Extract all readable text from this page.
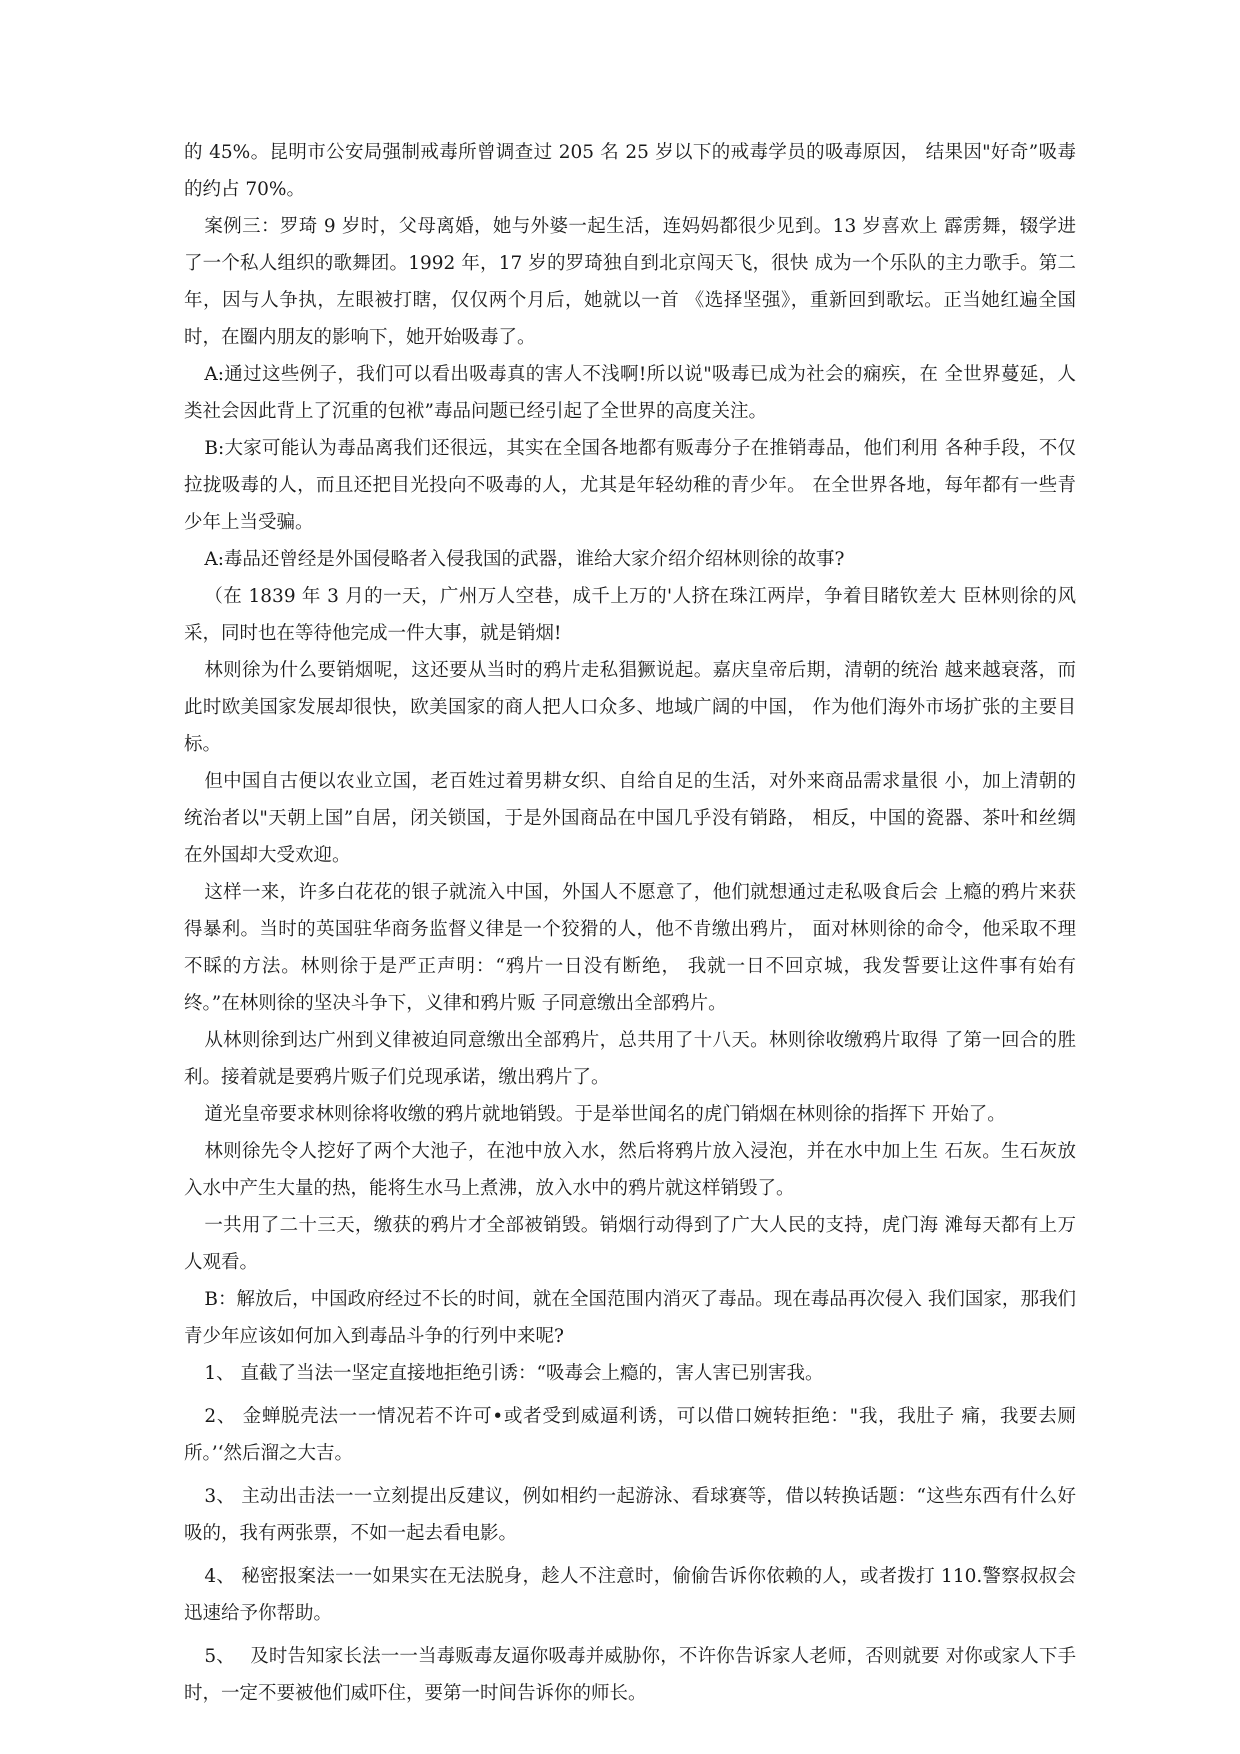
的 45%。昆明市公安局强制戒毒所曾调查过 205 名 25 岁以下的戒毒学员的吸毒原因， 结果因"好奇”吸毒的约占 70%。

案例三：罗琦 9 岁时，父母离婚，她与外婆一起生活，连妈妈都很少见到。13 岁喜欢上 霹雳舞，辍学进了一个私人组织的歌舞团。1992 年，17 岁的罗琦独自到北京闯天飞，很快 成为一个乐队的主力歌手。第二年，因与人争执，左眼被打瞎，仅仅两个月后，她就以一首 《选择坚强》，重新回到歌坛。正当她红遍全国时，在圈内朋友的影响下，她开始吸毒了。

A:通过这些例子，我们可以看出吸毒真的害人不浅啊!所以说"吸毒已成为社会的痫疾，在 全世界蔓延，人类社会因此背上了沉重的包袱”毒品问题已经引起了全世界的高度关注。

B:大家可能认为毒品离我们还很远，其实在全国各地都有贩毒分子在推销毒品，他们利用 各种手段，不仅拉拢吸毒的人，而且还把目光投向不吸毒的人，尤其是年轻幼稚的青少年。 在全世界各地，每年都有一些青少年上当受骗。

A:毒品还曾经是外国侵略者入侵我国的武器，谁给大家介绍介绍林则徐的故事?

（在 1839 年 3 月的一天，广州万人空巷，成千上万的'人挤在珠江两岸，争着目睹钦差大 臣林则徐的风采，同时也在等待他完成一件大事，就是销烟!

林则徐为什么要销烟呢，这还要从当时的鸦片走私猖獗说起。嘉庆皇帝后期，清朝的统治 越来越衰落，而此时欧美国家发展却很快，欧美国家的商人把人口众多、地域广阔的中国， 作为他们海外市场扩张的主要目标。

但中国自古便以农业立国，老百姓过着男耕女织、自给自足的生活，对外来商品需求量很 小，加上清朝的统治者以"天朝上国”自居，闭关锁国，于是外国商品在中国几乎没有销路， 相反，中国的瓷器、茶叶和丝绸在外国却大受欢迎。

这样一来，许多白花花的银子就流入中国，外国人不愿意了，他们就想通过走私吸食后会 上瘾的鸦片来获得暴利。当时的英国驻华商务监督义律是一个狡猾的人，他不肯缴出鸦片， 面对林则徐的命令，他采取不理不睬的方法。林则徐于是严正声明：“鸦片一日没有断绝， 我就一日不回京城，我发誓要让这件事有始有终。”在林则徐的坚决斗争下，义律和鸦片贩 子同意缴出全部鸦片。

从林则徐到达广州到义律被迫同意缴出全部鸦片，总共用了十八天。林则徐收缴鸦片取得 了第一回合的胜利。接着就是要鸦片贩子们兑现承诺，缴出鸦片了。

道光皇帝要求林则徐将收缴的鸦片就地销毁。于是举世闻名的虎门销烟在林则徐的指挥下 开始了。

林则徐先令人挖好了两个大池子，在池中放入水，然后将鸦片放入浸泡，并在水中加上生 石灰。生石灰放入水中产生大量的热，能将生水马上煮沸，放入水中的鸦片就这样销毁了。

一共用了二十三天，缴获的鸦片才全部被销毁。销烟行动得到了广大人民的支持，虎门海 滩每天都有上万人观看。

B：解放后，中国政府经过不长的时间，就在全国范围内消灭了毒品。现在毒品再次侵入 我们国家，那我们青少年应该如何加入到毒品斗争的行列中来呢?

1、 直截了当法一坚定直接地拒绝引诱：“吸毒会上瘾的，害人害已别害我。

2、 金蝉脱壳法一一情况若不许可•或者受到威逼利诱，可以借口婉转拒绝："我，我肚子 痛，我要去厕所。’‘然后溜之大吉。

3、 主动出击法一一立刻提出反建议，例如相约一起游泳、看球赛等，借以转换话题：“这些东西有什么好吸的，我有两张票，不如一起去看电影。

4、 秘密报案法一一如果实在无法脱身，趁人不注意时，偷偷告诉你依赖的人，或者拨打 110.警察叔叔会迅速给予你帮助。

5、　 及时告知家长法一一当毒贩毒友逼你吸毒并威胁你，不许你告诉家人老师，否则就要 对你或家人下手时，一定不要被他们威吓住，要第一时间告诉你的师长。
